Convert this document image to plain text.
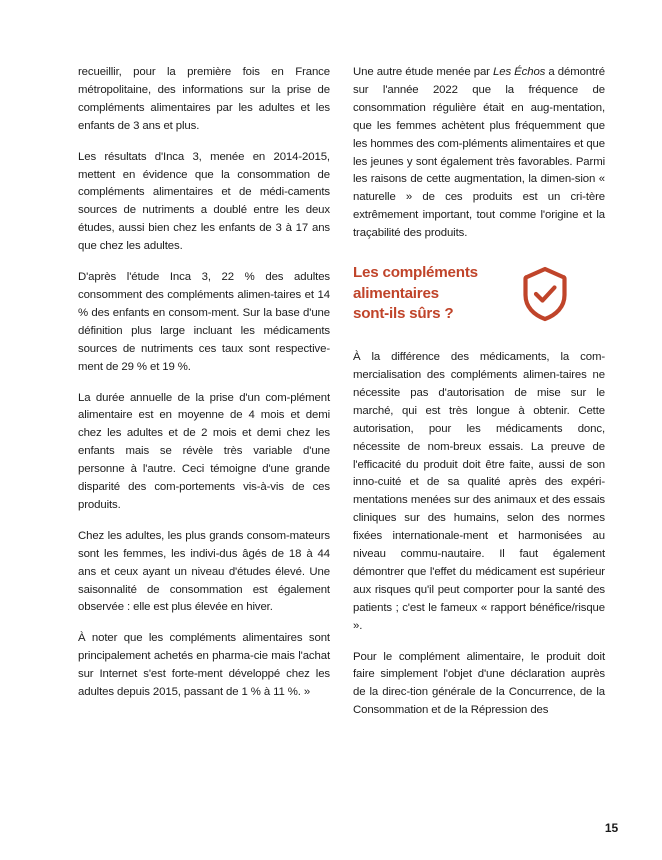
recueillir, pour la première fois en France métropolitaine, des informations sur la prise de compléments alimentaires par les adultes et les enfants de 3 ans et plus.

Les résultats d'Inca 3, menée en 2014-2015, mettent en évidence que la consommation de compléments alimentaires et de médi-caments sources de nutriments a doublé entre les deux études, aussi bien chez les enfants de 3 à 17 ans que chez les adultes.

D'après l'étude Inca 3, 22 % des adultes consomment des compléments alimen-taires et 14 % des enfants en consom-ment. Sur la base d'une définition plus large incluant les médicaments sources de nutriments ces taux sont respective-ment de 29 % et 19 %.

La durée annuelle de la prise d'un com-plément alimentaire est en moyenne de 4 mois et demi chez les adultes et de 2 mois et demi chez les enfants mais se révèle très variable d'une personne à l'autre. Ceci témoigne d'une grande disparité des com-portements vis-à-vis de ces produits.

Chez les adultes, les plus grands consom-mateurs sont les femmes, les indivi-dus âgés de 18 à 44 ans et ceux ayant un niveau d'études élevé. Une saisonnalité de consommation est également observée : elle est plus élevée en hiver.

À noter que les compléments alimentaires sont principalement achetés en pharma-cie mais l'achat sur Internet s'est forte-ment développé chez les adultes depuis 2015, passant de 1 % à 11 %. »

Une autre étude menée par Les Échos a démontré sur l'année 2022 que la fréquence de consommation régulière était en aug-mentation, que les femmes achètent plus fréquemment que les hommes des com-pléments alimentaires et que les jeunes y sont également très favorables. Parmi les raisons de cette augmentation, la dimen-sion « naturelle » de ces produits est un cri-tère extrêmement important, tout comme l'origine et la traçabilité des produits.

Les compléments
alimentaires
sont-ils sûrs ?

À la différence des médicaments, la com-mercialisation des compléments alimen-taires ne nécessite pas d'autorisation de mise sur le marché, qui est très longue à obtenir. Cette autorisation, pour les médicaments donc, nécessite de nom-breux essais. La preuve de l'efficacité du produit doit être faite, aussi de son inno-cuité et de sa qualité après des expéri-mentations menées sur des animaux et des essais cliniques sur des humains, selon des normes fixées internationale-ment et harmonisées au niveau commu-nautaire. Il faut également démontrer que l'effet du médicament est supérieur aux risques qu'il peut comporter pour la santé des patients ; c'est le fameux « rapport bénéfice/risque ».

Pour le complément alimentaire, le produit doit faire simplement l'objet d'une déclaration auprès de la direc-tion générale de la Concurrence, de la Consommation et de la Répression des

15
